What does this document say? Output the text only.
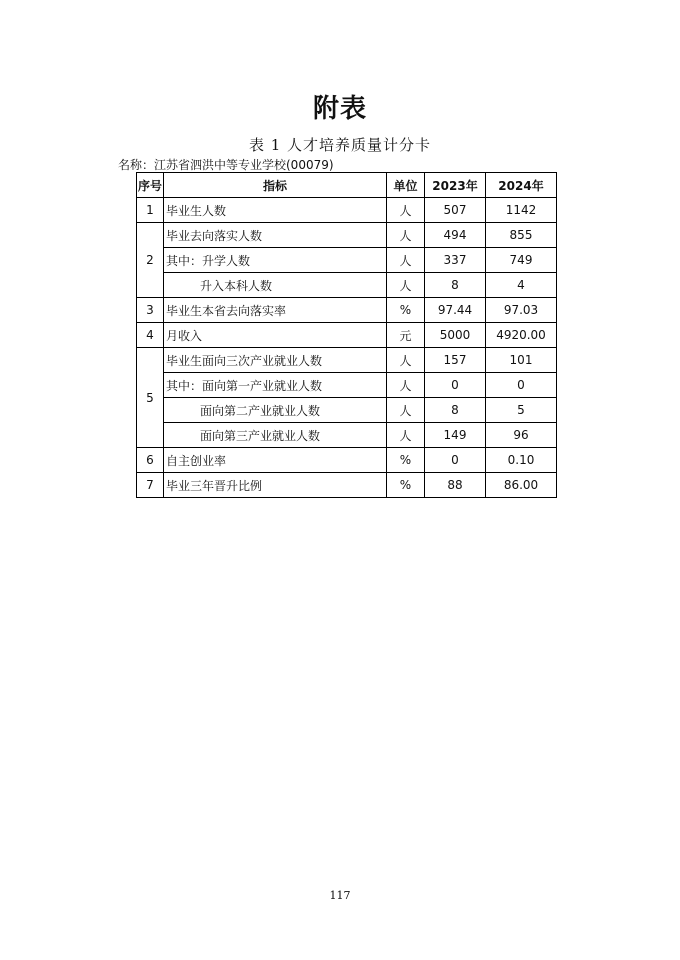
附表
表 1 人才培养质量计分卡
名称：江苏省泗洪中等专业学校(00079)
序号	指标	单位	2023年	2024年
1	毕业生人数	人	507	1142
2	毕业去向落实人数	人	494	855
	其中：升学人数	人	337	749
	升入本科人数	人	8	4
3	毕业生本省去向落实率	%	97.44	97.03
4	月收入	元	5000	4920.00
5	毕业生面向三次产业就业人数	人	157	101
	其中：面向第一产业就业人数	人	0	0
	面向第二产业就业人数	人	8	5
	面向第三产业就业人数	人	149	96
6	自主创业率	%	0	0.10
7	毕业三年晋升比例	%	88	86.00
117
